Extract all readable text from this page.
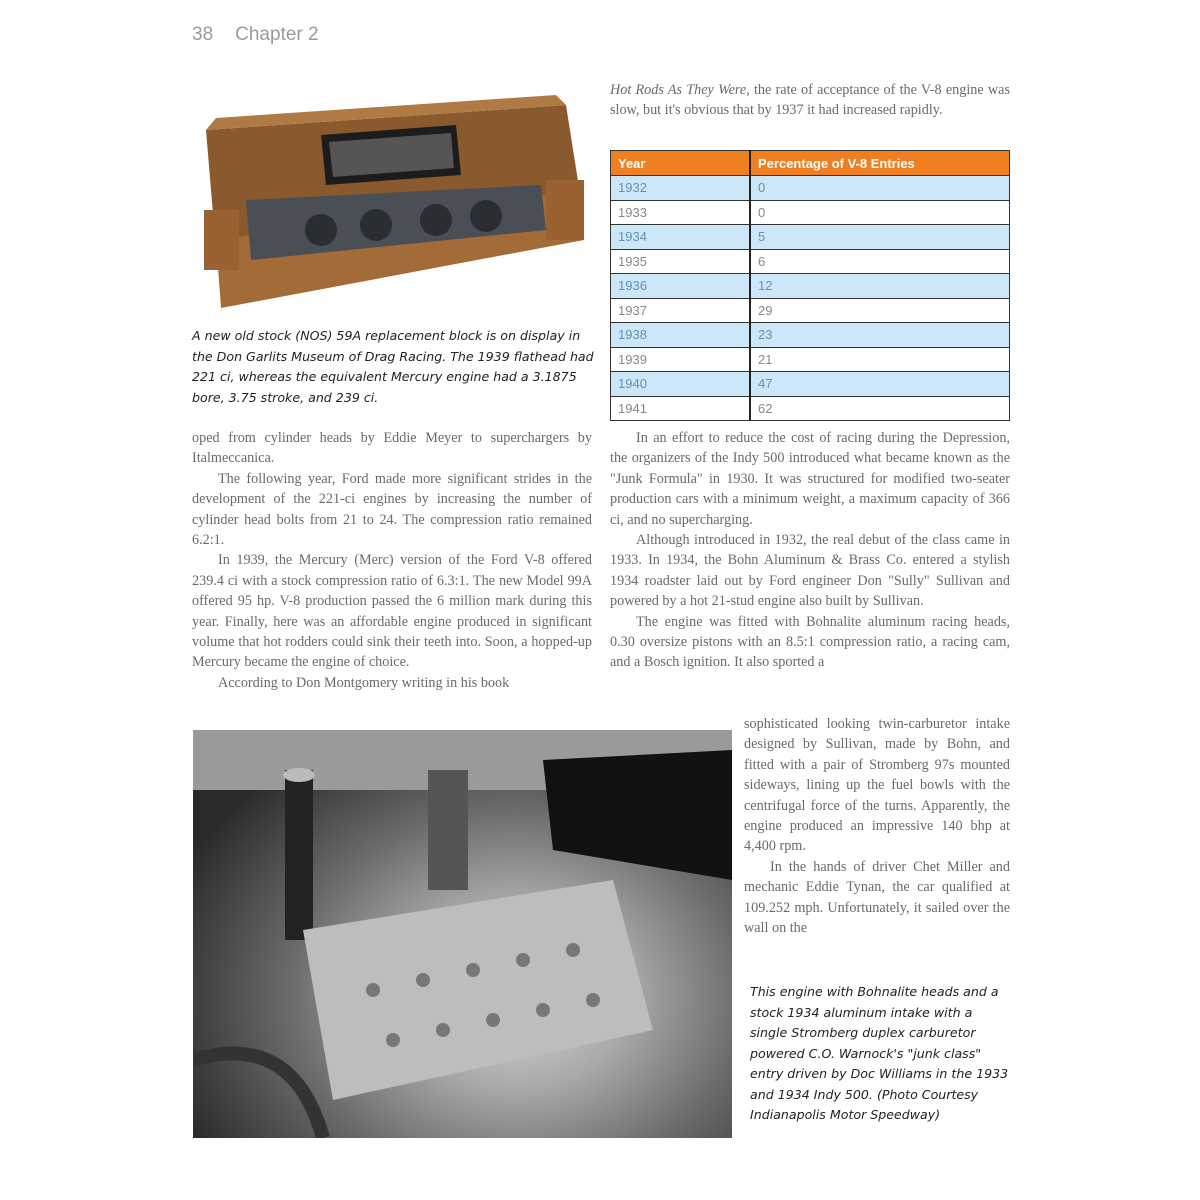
38 Chapter 2
A new old stock (NOS) 59A replacement block is on display in the Don Garlits Museum of Drag Racing. The 1939 flathead had 221 ci, whereas the equivalent Mercury engine had a 3.1875 bore, 3.75 stroke, and 239 ci.

Hot Rods As They Were, the rate of acceptance of the V-8 engine was slow, but it's obvious that by 1937 it had increased rapidly.

Year	Percentage of V-8 Entries
1932	0
1933	0
1934	5
1935	6
1936	12
1937	29
1938	23
1939	21
1940	47
1941	62

oped from cylinder heads by Eddie Meyer to superchargers by Italmeccanica.

The following year, Ford made more significant strides in the development of the 221-ci engines by increasing the number of cylinder head bolts from 21 to 24. The compression ratio remained 6.2:1.

In 1939, the Mercury (Merc) version of the Ford V-8 offered 239.4 ci with a stock compression ratio of 6.3:1. The new Model 99A offered 95 hp. V-8 production passed the 6 million mark during this year. Finally, here was an affordable engine produced in significant volume that hot rodders could sink their teeth into. Soon, a hopped-up Mercury became the engine of choice.

According to Don Montgomery writing in his book

In an effort to reduce the cost of racing during the Depression, the organizers of the Indy 500 introduced what became known as the "Junk Formula" in 1930. It was structured for modified two-seater production cars with a minimum weight, a maximum capacity of 366 ci, and no supercharging.

Although introduced in 1932, the real debut of the class came in 1933. In 1934, the Bohn Aluminum & Brass Co. entered a stylish 1934 roadster laid out by Ford engineer Don "Sully" Sullivan and powered by a hot 21-stud engine also built by Sullivan.

The engine was fitted with Bohnalite aluminum racing heads, 0.30 oversize pistons with an 8.5:1 compression ratio, a racing cam, and a Bosch ignition. It also sported a

sophisticated looking twin-carburetor intake designed by Sullivan, made by Bohn, and fitted with a pair of Stromberg 97s mounted sideways, lining up the fuel bowls with the centrifugal force of the turns. Apparently, the engine produced an impressive 140 bhp at 4,400 rpm.

In the hands of driver Chet Miller and mechanic Eddie Tynan, the car qualified at 109.252 mph. Unfortunately, it sailed over the wall on the

This engine with Bohnalite heads and a stock 1934 aluminum intake with a single Stromberg duplex carburetor powered C.O. Warnock's "junk class" entry driven by Doc Williams in the 1933 and 1934 Indy 500. (Photo Courtesy Indianapolis Motor Speedway)
